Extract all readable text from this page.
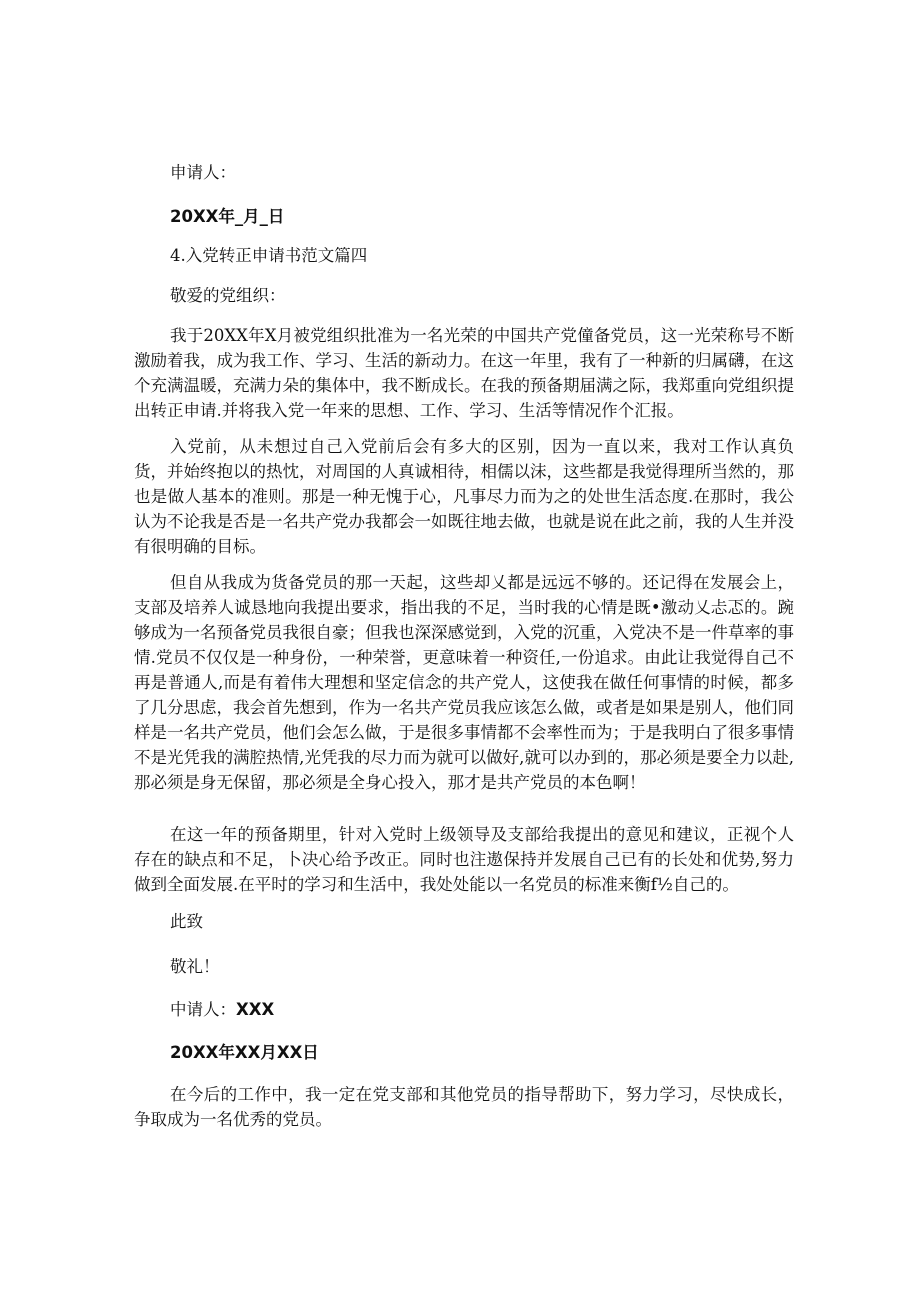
申请人：
20XX年_月_日
4.入党转正申请书范文篇四
敬爱的党组织：

我于20XX年X月被党组织批准为一名光荣的中国共产党僮备党员，这一光荣称号不断激励着我，成为我工作、学习、生活的新动力。在这一年里，我有了一种新的归属礴，在这个充满温暖，充满力朵的集体中，我不断成长。在我的预备期届满之际，我郑重向党组织提出转正申请.并将我入党一年来的思想、工作、学习、生活等情况作个汇报。

入党前，从未想过自己入党前后会有多大的区别，因为一直以来，我对工作认真负货，并始终抱以的热忱，对周国的人真诚相待，相儒以沫，这些都是我觉得理所当然的，那也是做人基本的准则。那是一种无愧于心，凡事尽力而为之的处世生活态度.在那时，我公认为不论我是否是一名共产党办我都会一如既往地去做，也就是说在此之前，我的人生并没有很明确的目标。

但自从我成为货备党员的那一天起，这些却乂都是远远不够的。还记得在发展会上，支部及培养人诚恳地向我提出要求，指出我的不足，当时我的心情是既•激动乂忐忑的。踠够成为一名预备党员我很自豪；但我也深深感觉到，入党的沉重，入党决不是一件草率的事情.党员不仅仅是一种身份，一种荣誉，更意味着一种资任,一份追求。由此让我觉得自己不再是普通人,而是有着伟大理想和坚定信念的共产党人，这使我在做任何事情的时候，都多了几分思虑，我会首先想到，作为一名共产党员我应该怎么做，或者是如果是别人，他们同样是一名共产党员，他们会怎么做，于是很多事情都不会率性而为；于是我明白了很多事情不是光凭我的满腔热情,光凭我的尽力而为就可以做好,就可以办到的，那必须是要全力以赴,那必须是身无保留，那必须是全身心投入，那才是共产党员的本色啊！

在这一年的预备期里，针对入党时上级领导及支部给我提出的意见和建议，正视个人存在的缺点和不足，卜决心给予改正。同时也注遨保持并发展自己已有的长处和优势,努力做到全面发展.在平时的学习和生活中，我处处能以一名党员的标准来衡f½自己的。

此致
敬礼！
中请人：XXX
20XX年XX月XX日

在今后的工作中，我一定在党支部和其他党员的指导帮助下，努力学习，尽快成长，争取成为一名优秀的党员。
